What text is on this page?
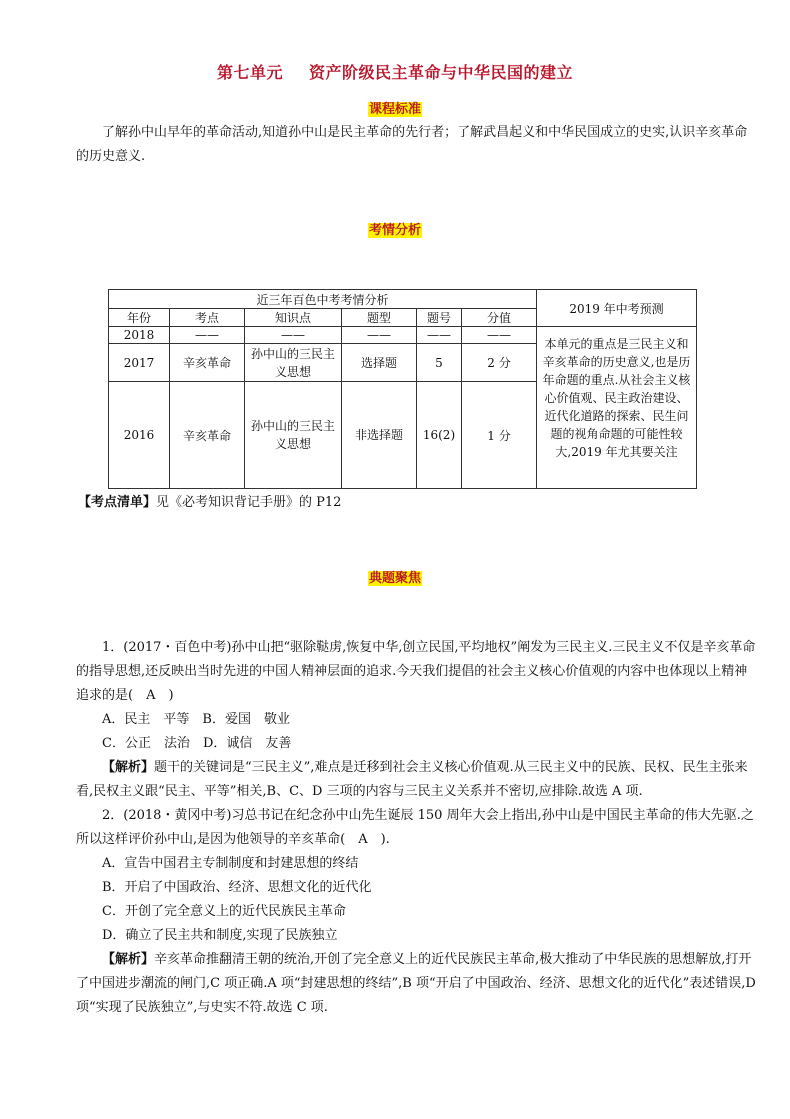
第七单元 资产阶级民主革命与中华民国的建立
课程标准

了解孙中山早年的革命活动,知道孙中山是民主革命的先行者；了解武昌起义和中华民国成立的史实,认识辛亥革命的历史意义.

考情分析
近三年百色中考考情分析						2019 年中考预测
年份	考点	知识点	题型	题号	分值	
2018	——	——	——	——	——	本单元的重点是三民主义和辛亥革命的历史意义,也是历年命题的重点.从社会主义核心价值观、民主政治建设、近代化道路的探索、民生问题的视角命题的可能性较大,2019 年尤其要关注

2017	辛亥革命	孙中山的三民主义思想	选择题	5	2 分	
2016	辛亥革命	孙中山的三民主义思想	非选择题	16(2)	1 分	
【考点清单】见《必考知识背记手册》的 P12
典题聚焦

1．(2017・百色中考)孙中山把“驱除鞑虏,恢复中华,创立民国,平均地权”阐发为三民主义.三民主义不仅是辛亥革命的指导思想,还反映出当时先进的中国人精神层面的追求.今天我们提倡的社会主义核心价值观的内容中也体现以上精神追求的是(　A　)

A．民主　平等　B．爱国　敬业

C．公正　法治　D．诚信　友善

【解析】题干的关键词是“三民主义”,难点是迁移到社会主义核心价值观.从三民主义中的民族、民权、民生主张来看,民权主义跟“民主、平等”相关,B、C、D 三项的内容与三民主义关系并不密切,应排除.故选 A 项.

2．(2018・黄冈中考)习总书记在纪念孙中山先生诞辰 150 周年大会上指出,孙中山是中国民主革命的伟大先驱.之所以这样评价孙中山,是因为他领导的辛亥革命(　A　).

A．宣告中国君主专制制度和封建思想的终结

B．开启了中国政治、经济、思想文化的近代化

C．开创了完全意义上的近代民族民主革命

D．确立了民主共和制度,实现了民族独立

【解析】辛亥革命推翻清王朝的统治,开创了完全意义上的近代民族民主革命,极大推动了中华民族的思想解放,打开了中国进步潮流的闸门,C 项正确.A 项“封建思想的终结”,B 项“开启了中国政治、经济、思想文化的近代化”表述错误,D 项“实现了民族独立”,与史实不符.故选 C 项.
